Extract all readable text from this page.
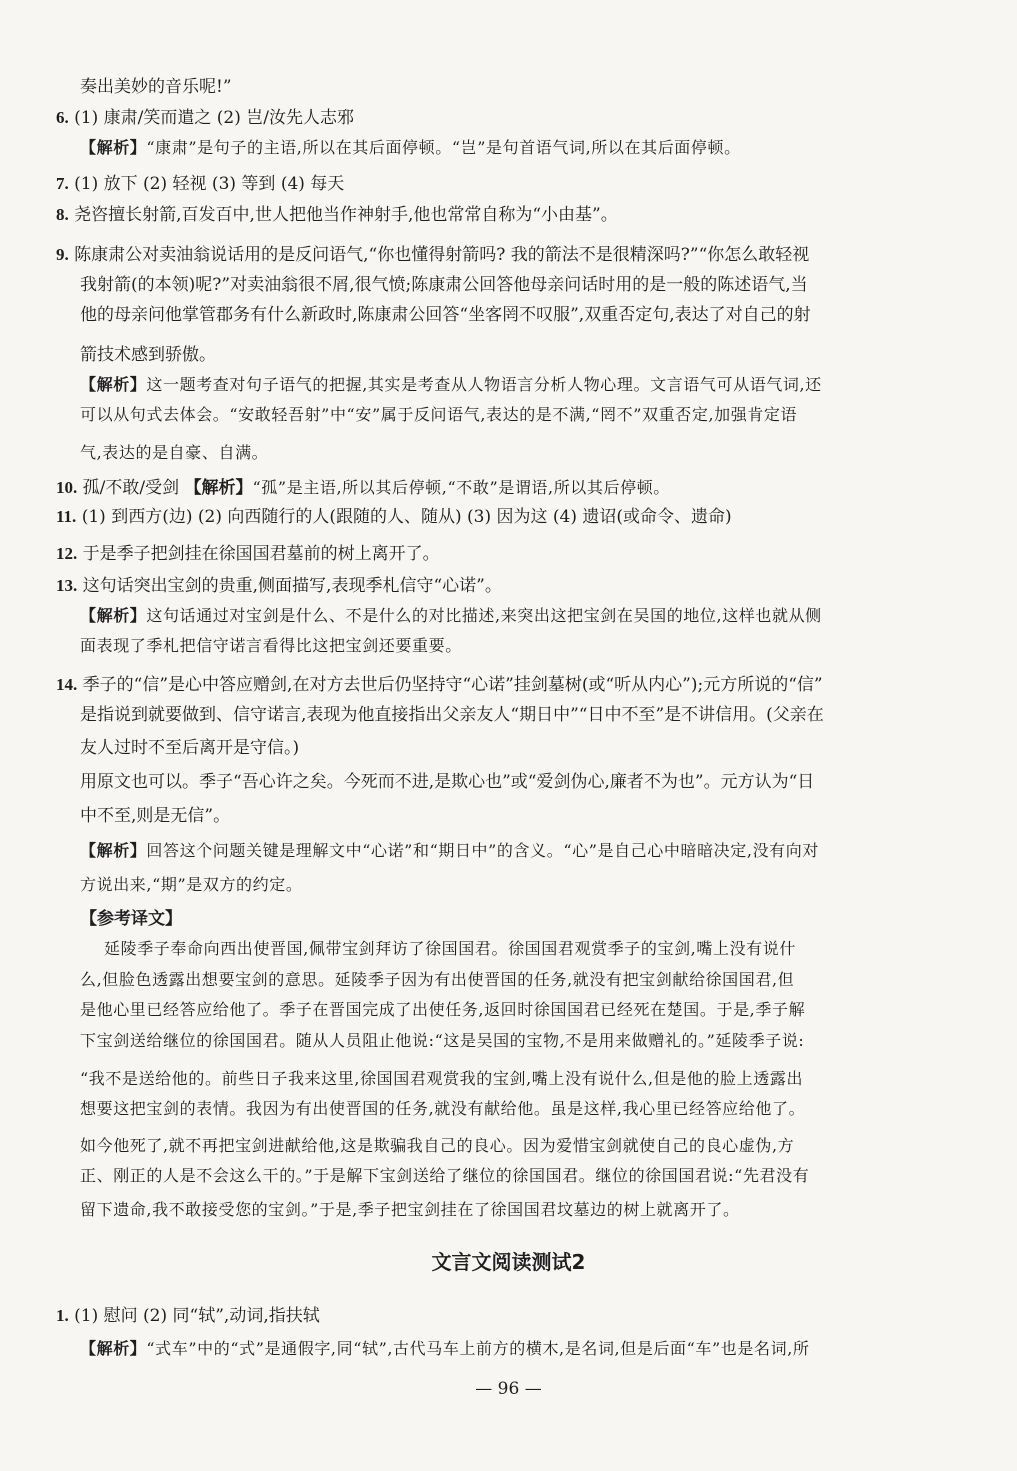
奏出美妙的音乐呢!”
6. (1) 康肃/笑而遣之 (2) 岂/汝先人志邪
【解析】“康肃”是句子的主语,所以在其后面停顿。“岂”是句首语气词,所以在其后面停顿。
7. (1) 放下 (2) 轻视 (3) 等到 (4) 每天
8. 尧咨擅长射箭,百发百中,世人把他当作神射手,他也常常自称为“小由基”。
9. 陈康肃公对卖油翁说话用的是反问语气,“你也懂得射箭吗? 我的箭法不是很精深吗?”“你怎么敢轻视
我射箭(的本领)呢?”对卖油翁很不屑,很气愤;陈康肃公回答他母亲问话时用的是一般的陈述语气,当
他的母亲问他掌管郡务有什么新政时,陈康肃公回答“坐客罔不叹服”,双重否定句,表达了对自己的射
箭技术感到骄傲。
【解析】这一题考查对句子语气的把握,其实是考查从人物语言分析人物心理。文言语气可从语气词,还
可以从句式去体会。“安敢轻吾射”中“安”属于反问语气,表达的是不满,“罔不”双重否定,加强肯定语
气,表达的是自豪、自满。
10. 孤/不敢/受剑 【解析】“孤”是主语,所以其后停顿,“不敢”是谓语,所以其后停顿。
11. (1) 到西方(边) (2) 向西随行的人(跟随的人、随从) (3) 因为这 (4) 遗诏(或命令、遗命)
12. 于是季子把剑挂在徐国国君墓前的树上离开了。
13. 这句话突出宝剑的贵重,侧面描写,表现季札信守“心诺”。
【解析】这句话通过对宝剑是什么、不是什么的对比描述,来突出这把宝剑在吴国的地位,这样也就从侧
面表现了季札把信守诺言看得比这把宝剑还要重要。
14. 季子的“信”是心中答应赠剑,在对方去世后仍坚持守“心诺”挂剑墓树(或“听从内心”);元方所说的“信”
是指说到就要做到、信守诺言,表现为他直接指出父亲友人“期日中”“日中不至”是不讲信用。(父亲在
友人过时不至后离开是守信。)
用原文也可以。季子“吾心许之矣。今死而不进,是欺心也”或“爱剑伪心,廉者不为也”。元方认为“日
中不至,则是无信”。
【解析】回答这个问题关键是理解文中“心诺”和“期日中”的含义。“心”是自己心中暗暗决定,没有向对
方说出来,“期”是双方的约定。
【参考译文】
延陵季子奉命向西出使晋国,佩带宝剑拜访了徐国国君。徐国国君观赏季子的宝剑,嘴上没有说什
么,但脸色透露出想要宝剑的意思。延陵季子因为有出使晋国的任务,就没有把宝剑献给徐国国君,但
是他心里已经答应给他了。季子在晋国完成了出使任务,返回时徐国国君已经死在楚国。于是,季子解
下宝剑送给继位的徐国国君。随从人员阻止他说:“这是吴国的宝物,不是用来做赠礼的。”延陵季子说:
“我不是送给他的。前些日子我来这里,徐国国君观赏我的宝剑,嘴上没有说什么,但是他的脸上透露出
想要这把宝剑的表情。我因为有出使晋国的任务,就没有献给他。虽是这样,我心里已经答应给他了。
如今他死了,就不再把宝剑进献给他,这是欺骗我自己的良心。因为爱惜宝剑就使自己的良心虚伪,方
正、刚正的人是不会这么干的。”于是解下宝剑送给了继位的徐国国君。继位的徐国国君说:“先君没有
留下遗命,我不敢接受您的宝剑。”于是,季子把宝剑挂在了徐国国君坟墓边的树上就离开了。
文言文阅读测试2
1. (1) 慰问 (2) 同“轼”,动词,指扶轼
【解析】“式车”中的“式”是通假字,同“轼”,古代马车上前方的横木,是名词,但是后面“车”也是名词,所
— 96 —
